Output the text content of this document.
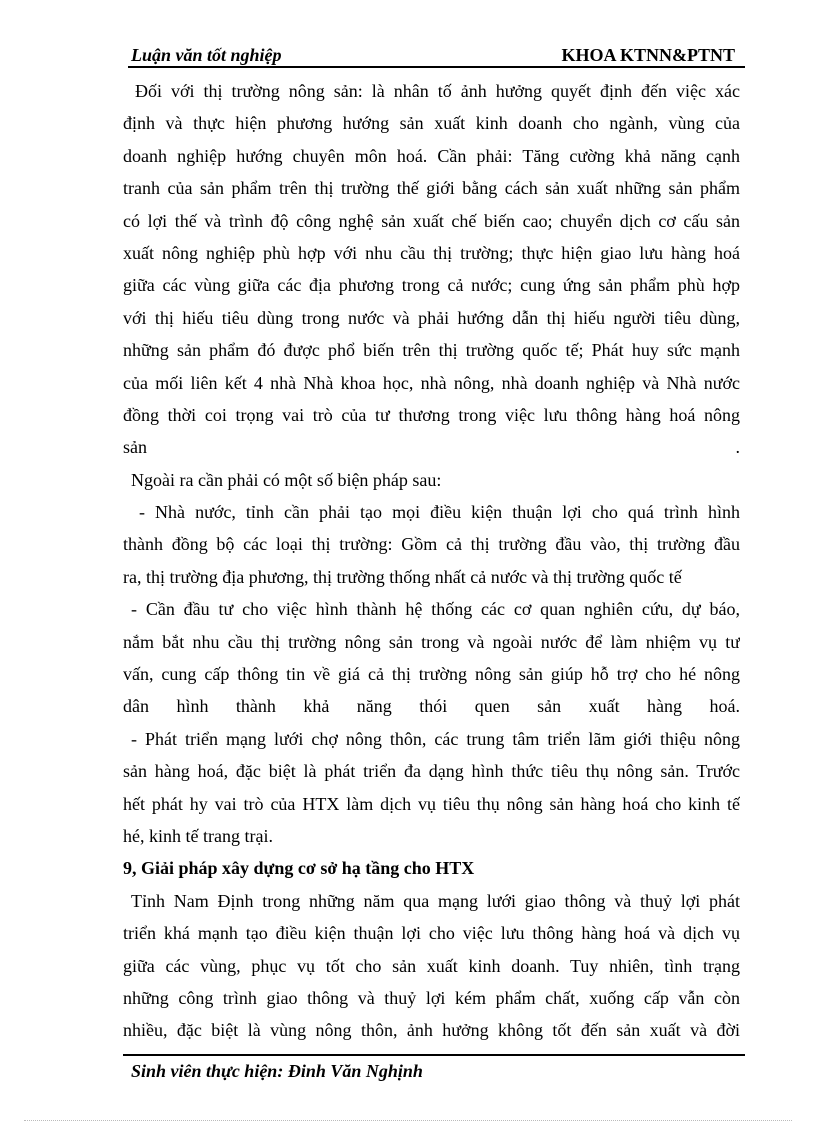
Luận văn tốt nghiệp	KHOA KTNN&PTNT
Đối với thị trường nông sản: là nhân tố ảnh hưởng quyết định đến việc xác
định và thực hiện phương hướng sản xuất kinh doanh cho ngành, vùng của
doanh nghiệp hướng chuyên môn hoá. Cần phải: Tăng cường khả năng cạnh
tranh của sản phẩm trên thị trường thế giới bằng cách sản xuất những sản phẩm
có lợi thế và trình độ công nghệ sản xuất chế biến cao; chuyển dịch cơ cấu sản
xuất nông nghiệp phù hợp với nhu cầu thị trường; thực hiện giao lưu hàng hoá
giữa các vùng giữa các địa phương trong cả nước; cung ứng sản phẩm phù hợp
với thị hiếu tiêu dùng trong nước và phải hướng dẫn thị hiếu người tiêu dùng,
những sản phẩm đó được phổ biến trên thị trường quốc tế; Phát huy sức mạnh
của mối liên kết 4 nhà Nhà khoa học, nhà nông, nhà doanh nghiệp và Nhà nước
đồng thời coi trọng vai trò của tư thương trong việc lưu thông hàng hoá nông
sản .
Ngoài ra cần phải có một số biện pháp sau:
- Nhà nước, tỉnh cần phải tạo mọi điều kiện thuận lợi cho quá trình hình
thành đồng bộ các loại thị trường: Gồm cả thị trường đầu vào, thị trường đầu
ra, thị trường địa phương, thị trường thống nhất cả nước và thị trường quốc tế
- Cần đầu tư cho việc hình thành hệ thống các cơ quan nghiên cứu, dự báo,
nắm bắt nhu cầu thị trường nông sản trong và ngoài nước để làm nhiệm vụ tư
vấn, cung cấp thông tin về giá cả thị trường nông sản giúp hỗ trợ cho hé nông
dân hình thành khả năng thói quen sản xuất hàng hoá.
- Phát triển mạng lưới chợ nông thôn, các trung tâm triển lãm giới thiệu nông
sản hàng hoá, đặc biệt là phát triển đa dạng hình thức tiêu thụ nông sản. Trước
hết phát hy vai trò của HTX làm dịch vụ tiêu thụ nông sản hàng hoá cho kinh tế
hé, kinh tế trang trại.
9, Giải pháp xây dựng cơ sở hạ tầng cho HTX
Tỉnh Nam Định trong những năm qua mạng lưới giao thông và thuỷ lợi phát
triển khá mạnh tạo điều kiện thuận lợi cho việc lưu thông hàng hoá và dịch vụ
giữa các vùng, phục vụ tốt cho sản xuất kinh doanh. Tuy nhiên, tình trạng
những công trình giao thông và thuỷ lợi kém phẩm chất, xuống cấp vẫn còn
nhiều, đặc biệt là vùng nông thôn, ảnh hưởng không tốt đến sản xuất và đời
Sinh viên thực hiện: Đinh Văn Nghịnh
